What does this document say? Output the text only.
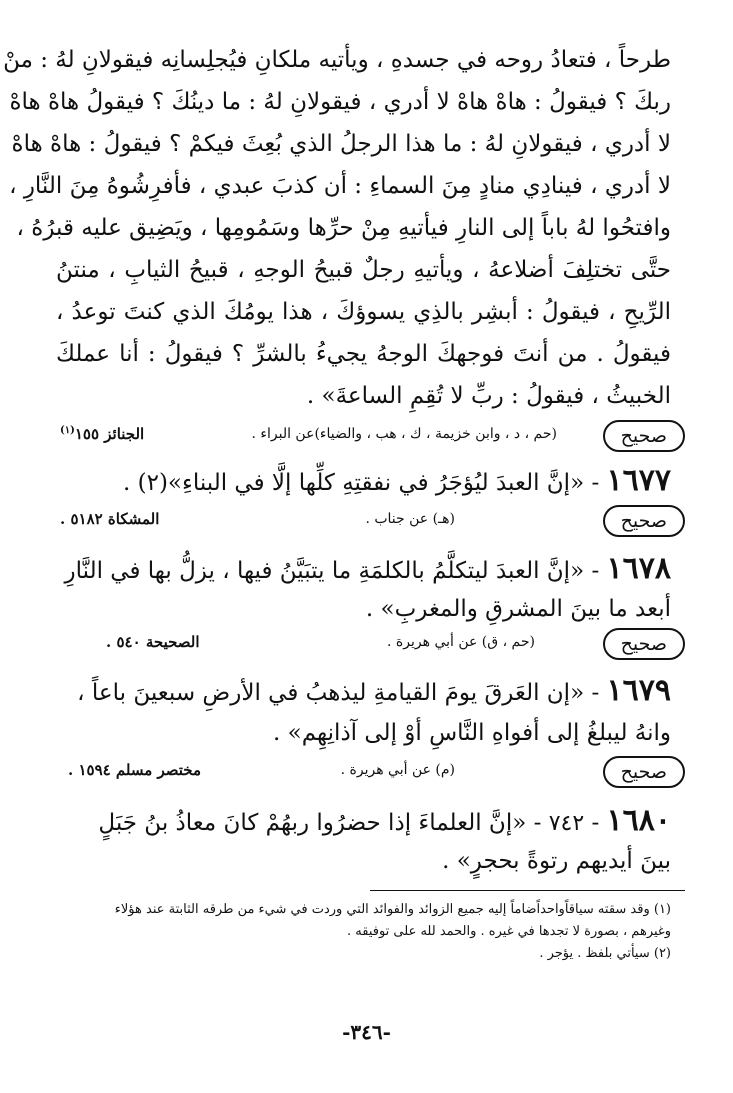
طرحاً ، فتعادُ روحه في جسدهِ ، ويأتيه ملكانِ فيُجلِسانِه فيقولانِ لهُ : منْ
ربكَ ؟ فيقولُ : هاهْ هاهْ لا أدري ، فيقولانِ لهُ : ما دينُكَ ؟ فيقولُ هاهْ هاهْ
لا أدري ، فيقولانِ لهُ : ما هذا الرجلُ الذي بُعِثَ فيكمْ ؟ فيقولُ : هاهْ هاهْ
لا أدري ، فينادِي منادٍ مِنَ السماءِ : أن كذبَ عبدي ، فأفرِشُوهُ مِنَ النَّارِ ،
وافتحُوا لهُ باباً إلى النارِ فيأتيهِ مِنْ حرِّها وسَمُومِها ، ويَضِيق عليه قبرُهُ ،
حتَّى تختلِفَ أضلاعهُ ، ويأتيهِ رجلٌ قبيحُ الوجهِ ، قبيحُ الثيابِ ، منتنُ
الرِّيحِ ، فيقولُ : أبشِر بالذِي يسوؤكَ ، هذا يومُكَ الذي كنتَ توعدُ ،
فيقولُ . من أنتَ فوجهكَ الوجهُ يجيءُ بالشرِّ ؟ فيقولُ : أنا عملكَ
الخبيثُ ، فيقولُ : ربِّ لا تُقِمِ الساعةَ» .
صحيح
(حم ، د ، وابن خزيمة ، ك ، هب ، والضياء)عن البراء .
الجنائز ١٥٥$^{(١)}$
١٦٧٧ - «إنَّ العبدَ ليُؤجَرُ في نفقتِهِ كلِّها إلَّا في البناءِ»(٢) .
صحيح
(هـ) عن جناب .
المشكاة ٥١٨٢ .
١٦٧٨ - «إنَّ العبدَ ليتكلَّمُ بالكلمَةِ ما يتبَيَّنُ فيها ، يزلُّ بها في النَّارِ
أبعد ما بينَ المشرقِ والمغربِ» .
صحيح
(حم ، ق) عن أبي هريرة .
الصحيحة ٥٤٠ .
١٦٧٩ - «إن العَرقَ يومَ القيامةِ ليذهبُ في الأرضِ سبعينَ باعاً ،
وانهُ ليبلغُ إلى أفواهِ النَّاسِ أوْ إلى آذانِهِم» .
صحيح
(م) عن أبي هريرة .
مختصر مسلم ١٥٩٤ .
١٦٨٠ - ٧٤٢ - «إنَّ العلماءَ إذا حضرُوا ربهُمْ كانَ معاذُ بنُ جَبَلٍ
بينَ أيديهم رتوةً بحجرٍ» .
(١) وقد سقته سياقاًواحداًضاماً إليه جميع الزوائد والفوائد التي وردت في شيء من طرقه الثابتة عند هؤلاء
وغيرهم ، بصورة لا تجدها في غيره . والحمد لله على توفيقه .
(٢) سيأتي بلفظ . يؤجر .
-٣٤٦-
